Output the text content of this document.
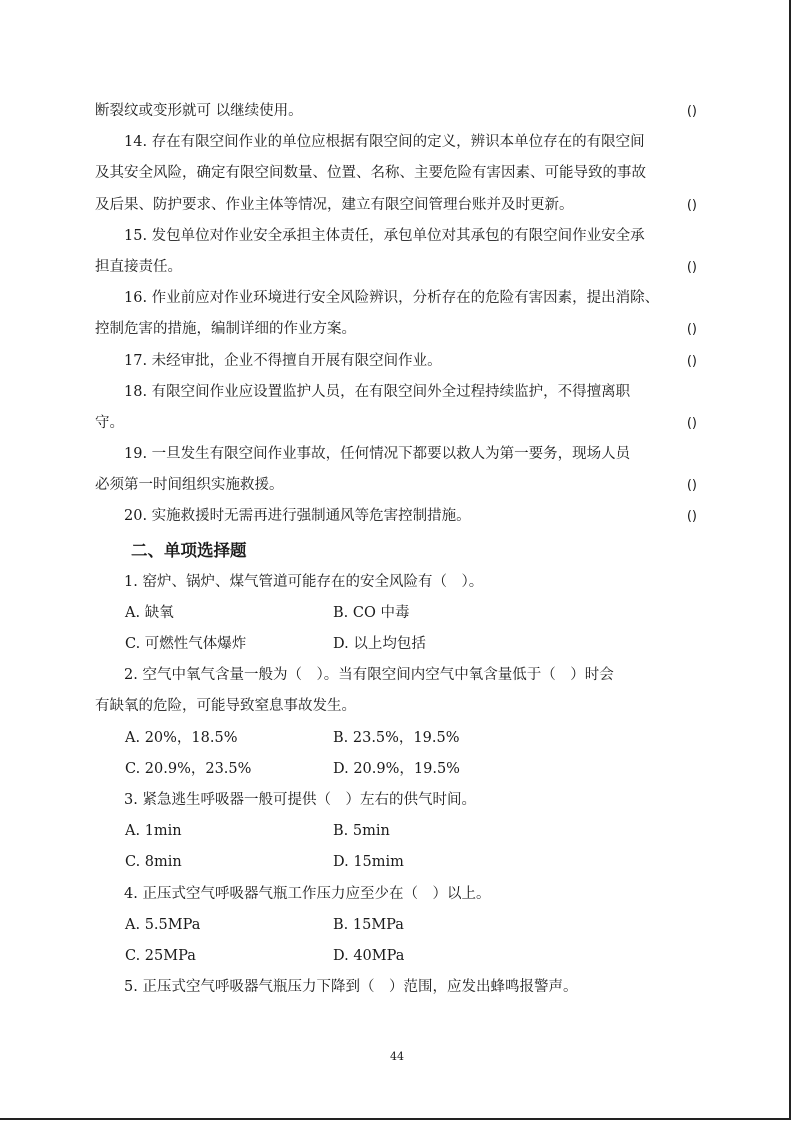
断裂纹或变形就可 以继续使用。	()
14. 存在有限空间作业的单位应根据有限空间的定义，辨识本单位存在的有限空间
及其安全风险，确定有限空间数量、位置、名称、主要危险有害因素、可能导致的事故
及后果、防护要求、作业主体等情况，建立有限空间管理台账并及时更新。	()
15. 发包单位对作业安全承担主体责任，承包单位对其承包的有限空间作业安全承
担直接责任。	()
16. 作业前应对作业环境进行安全风险辨识，分析存在的危险有害因素，提出消除、
控制危害的措施，编制详细的作业方案。	()
17. 未经审批，企业不得擅自开展有限空间作业。	()
18. 有限空间作业应设置监护人员，在有限空间外全过程持续监护，不得擅离职
守。	()
19. 一旦发生有限空间作业事故，任何情况下都要以救人为第一要务，现场人员
必须第一时间组织实施救援。	()
20. 实施救援时无需再进行强制通风等危害控制措施。	()
二、单项选择题
1. 窑炉、锅炉、煤气管道可能存在的安全风险有（　）。
A. 缺氧	B. CO 中毒
C. 可燃性气体爆炸	D. 以上均包括
2. 空气中氧气含量一般为（　）。当有限空间内空气中氧含量低于（　）时会
有缺氧的危险，可能导致窒息事故发生。
A. 20%，18.5%	B. 23.5%，19.5%
C. 20.9%，23.5%	D. 20.9%，19.5%
3. 紧急逃生呼吸器一般可提供（　）左右的供气时间。
A. 1min	B. 5min
C. 8min	D. 15mim
4. 正压式空气呼吸器气瓶工作压力应至少在（　）以上。
A. 5.5MPa	B. 15MPa
C. 25MPa	D. 40MPa
5. 正压式空气呼吸器气瓶压力下降到（　）范围，应发出蜂鸣报警声。
44
